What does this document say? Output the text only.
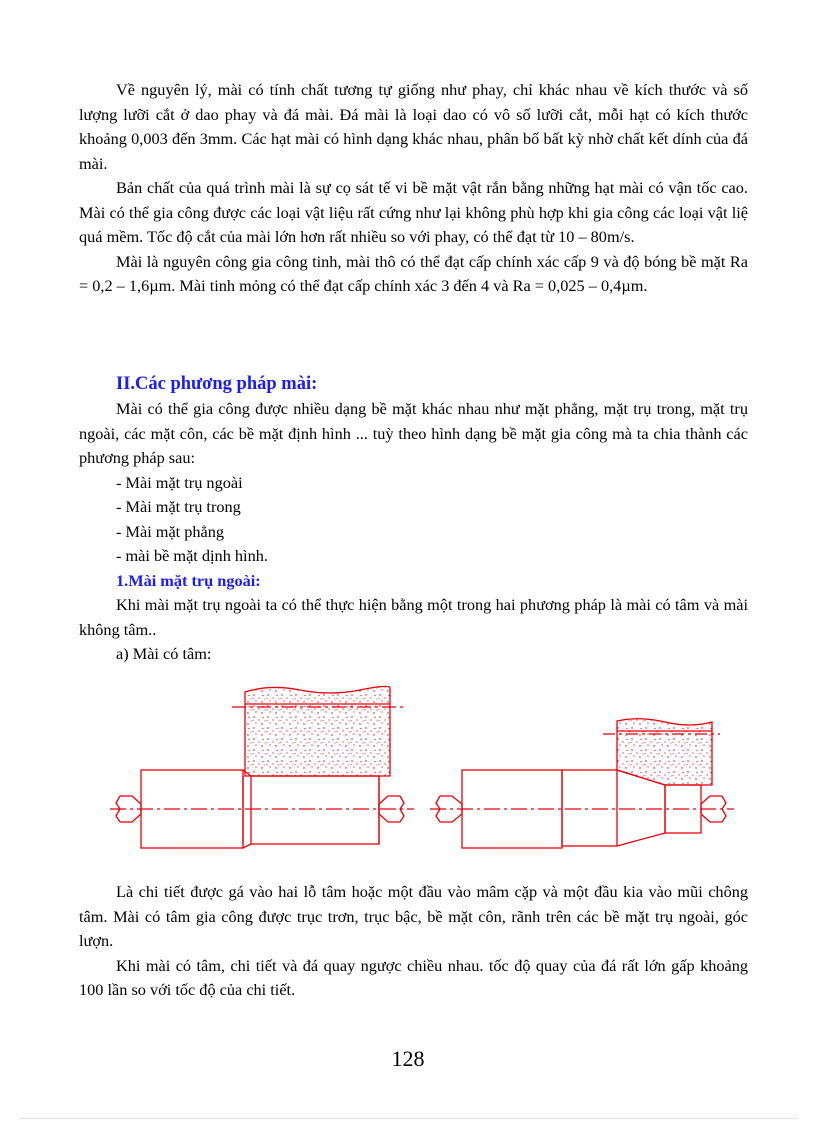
Về nguyên lý, mài có tính chất tương tự giống như phay, chỉ khác nhau về kích thước và số lượng lưỡi cắt ở dao phay và đá mài. Đá mài là loại dao có vô số lưỡi cắt, mỗi hạt có kích thước khoảng 0,003 đến 3mm. Các hạt mài có hình dạng khác nhau, phân bố bất kỳ nhờ chất kết dính của đá mài.

Bản chất của quá trình mài là sự cọ sát tế vi bề mặt vật rắn bằng những hạt mài có vận tốc cao. Mài có thể gia công được các loại vật liệu rất cứng như lại không phù hợp khi gia công các loại vật liệ quá mềm. Tốc độ cắt của mài lớn hơn rất nhiều so với phay, có thể đạt từ 10 – 80m/s.

Mài là nguyên công gia công tinh, mài thô có thể đạt cấp chính xác cấp 9 và độ bóng bề mặt Ra = 0,2 – 1,6µm. Mài tinh mỏng có thể đạt cấp chính xác 3 đến 4 và Ra = 0,025 – 0,4µm.

II.Các phương pháp mài:

Mài có thể gia công được nhiều dạng bề mặt khác nhau như mặt phẳng, mặt trụ trong, mặt trụ ngoài, các mặt côn, các bề mặt định hình ... tuỳ theo hình dạng bề mặt gia công mà ta chia thành các phương pháp sau:

- Mài mặt trụ ngoài
- Mài mặt trụ trong
- Mài mặt phẳng
- mài bề mặt dịnh hình.
1.Mài mặt trụ ngoài:

Khi mài mặt trụ ngoài ta có thể thực hiện bằng một trong hai phương pháp là mài có tâm và mài không tâm..

a) Mài có tâm:

Là chi tiết được gá vào hai lỗ tâm hoặc một đầu vào mâm cặp và một đầu kia vào mũi chông tâm. Mài có tâm gia công được trục trơn, trục bậc, bề mặt côn, rãnh trên các bề mặt trụ ngoài, góc lượn.

Khi mài có tâm, chi tiết và đá quay ngược chiều nhau. tốc độ quay của đá rất lớn gấp khoảng 100 lần so với tốc độ của chi tiết.

128
